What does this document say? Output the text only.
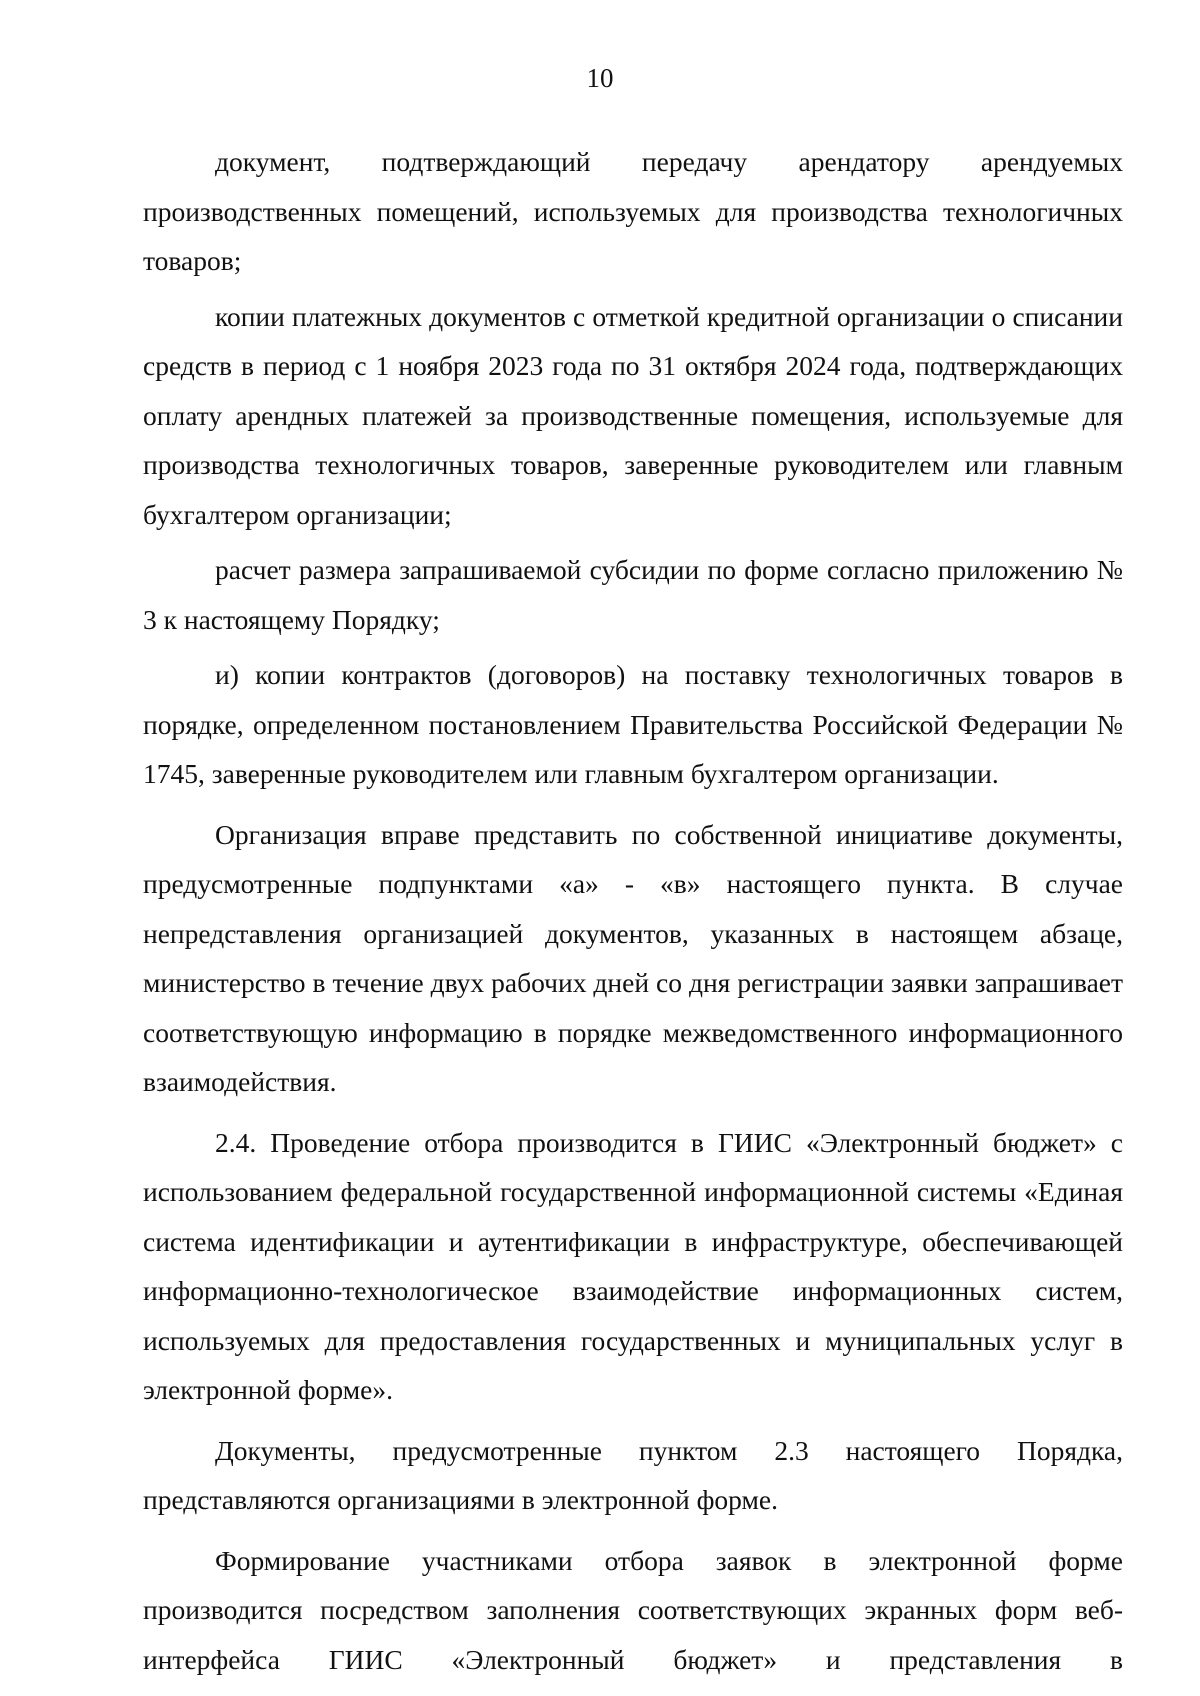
10

документ, подтверждающий передачу арендатору арендуемых производственных помещений, используемых для производства технологичных товаров;

копии платежных документов с отметкой кредитной организации о списании средств в период с 1 ноября 2023 года по 31 октября 2024 года, подтверждающих оплату арендных платежей за производственные помещения, используемые для производства технологичных товаров, заверенные руководителем или главным бухгалтером организации;

расчет размера запрашиваемой субсидии по форме согласно приложению № 3 к настоящему Порядку;

и) копии контрактов (договоров) на поставку технологичных товаров в порядке, определенном постановлением Правительства Российской Федерации № 1745, заверенные руководителем или главным бухгалтером организации.

Организация вправе представить по собственной инициативе документы, предусмотренные подпунктами «а» - «в» настоящего пункта. В случае непредставления организацией документов, указанных в настоящем абзаце, министерство в течение двух рабочих дней со дня регистрации заявки запрашивает соответствующую информацию в порядке межведомственного информационного взаимодействия.

2.4. Проведение отбора производится в ГИИС «Электронный бюджет» с использованием федеральной государственной информационной системы «Единая система идентификации и аутентификации в инфраструктуре, обеспечивающей информационно-технологическое взаимодействие информационных систем, используемых для предоставления государственных и муниципальных услуг в электронной форме».

Документы, предусмотренные пунктом 2.3 настоящего Порядка, представляются организациями в электронной форме.

Формирование участниками отбора заявок в электронной форме производится посредством заполнения соответствующих экранных форм веб-интерфейса ГИИС «Электронный бюджет» и представления в
